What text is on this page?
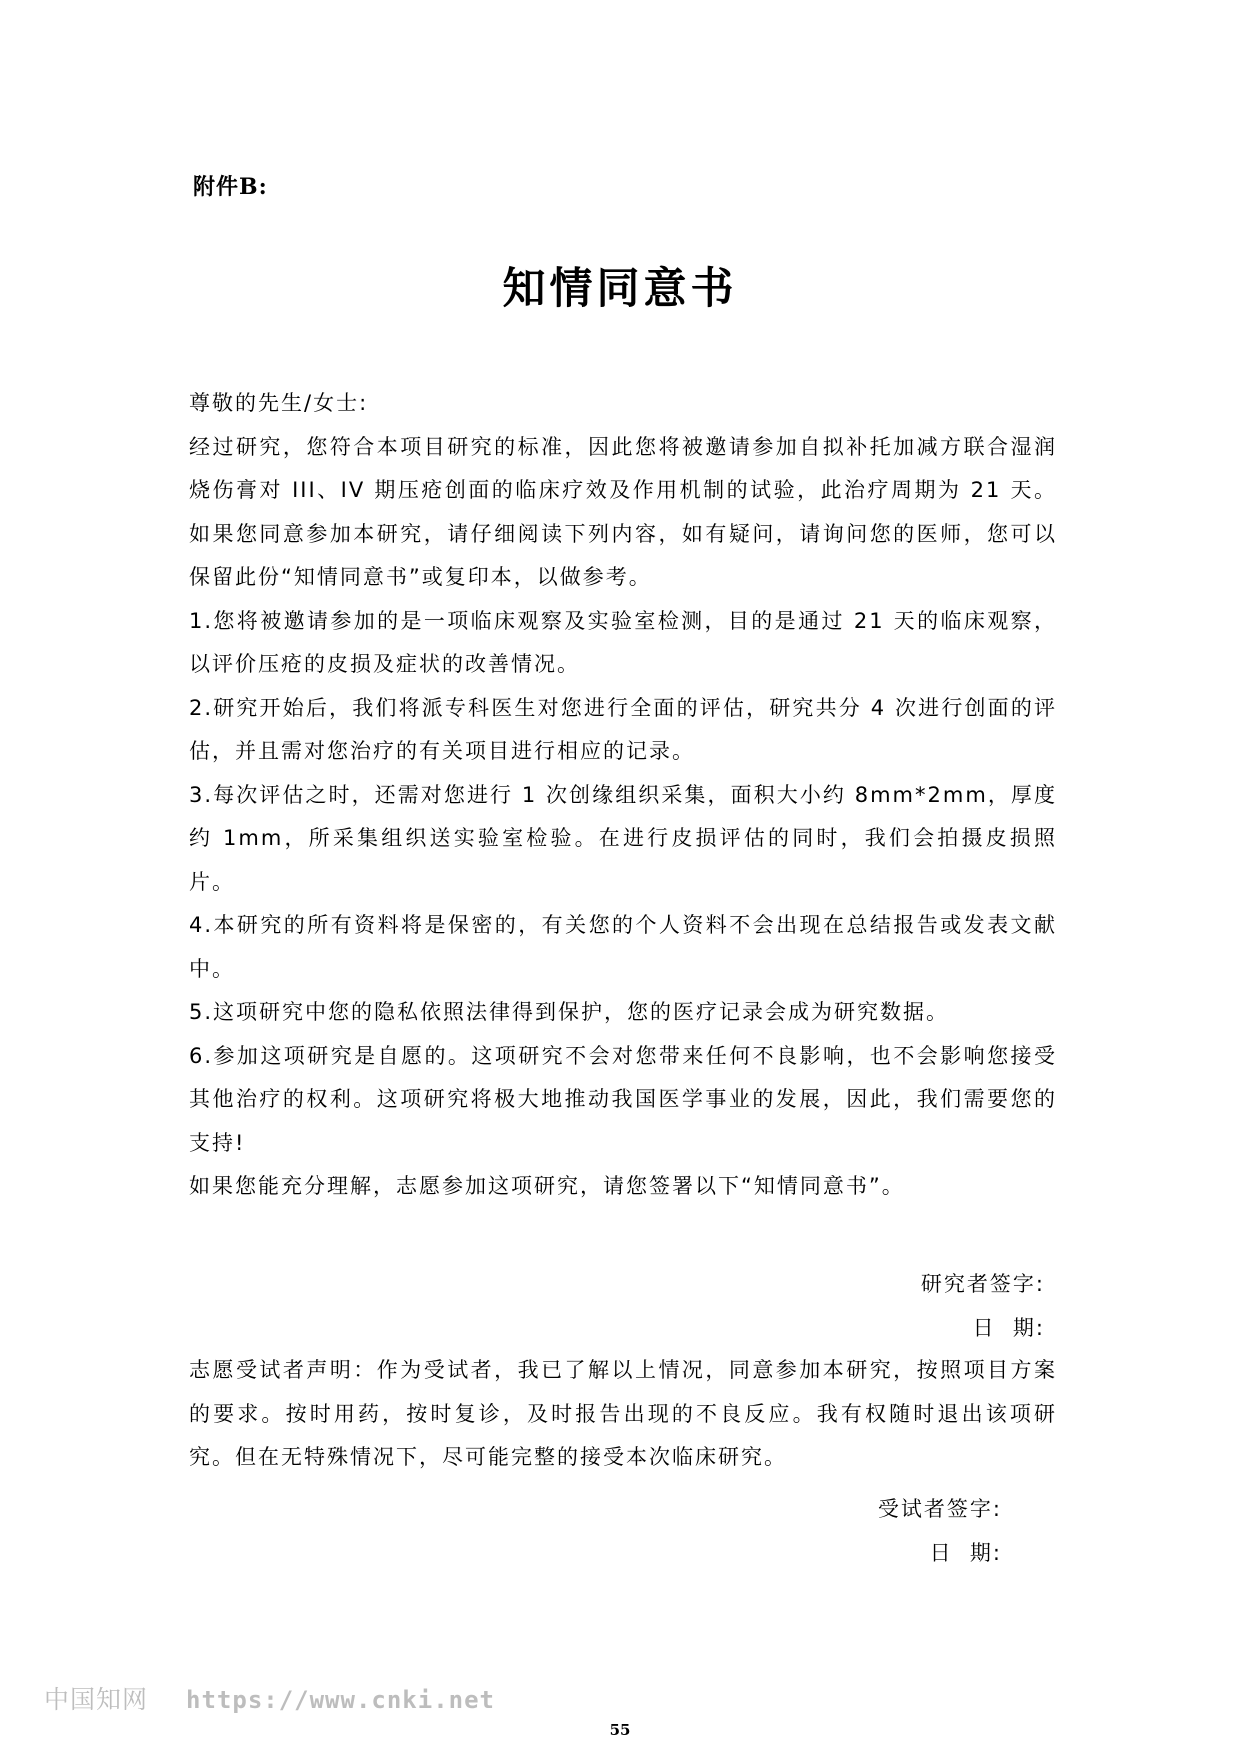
附件B:
知情同意书

尊敬的先生/女士:

经过研究，您符合本项目研究的标准，因此您将被邀请参加自拟补托加减方联合湿润烧伤膏对 III、IV 期压疮创面的临床疗效及作用机制的试验，此治疗周期为 21 天。如果您同意参加本研究，请仔细阅读下列内容，如有疑问，请询问您的医师，您可以保留此份“知情同意书”或复印本，以做参考。

1.您将被邀请参加的是一项临床观察及实验室检测，目的是通过 21 天的临床观察，以评价压疮的皮损及症状的改善情况。

2.研究开始后，我们将派专科医生对您进行全面的评估，研究共分 4 次进行创面的评估，并且需对您治疗的有关项目进行相应的记录。

3.每次评估之时，还需对您进行 1 次创缘组织采集，面积大小约 8mm*2mm，厚度约 1mm，所采集组织送实验室检验。在进行皮损评估的同时，我们会拍摄皮损照片。

4.本研究的所有资料将是保密的，有关您的个人资料不会出现在总结报告或发表文献中。

5.这项研究中您的隐私依照法律得到保护，您的医疗记录会成为研究数据。

6.参加这项研究是自愿的。这项研究不会对您带来任何不良影响，也不会影响您接受其他治疗的权利。这项研究将极大地推动我国医学事业的发展，因此，我们需要您的支持!

如果您能充分理解，志愿参加这项研究，请您签署以下“知情同意书”。

研究者签字:
日  期:

志愿受试者声明：作为受试者，我已了解以上情况，同意参加本研究，按照项目方案的要求。按时用药，按时复诊，及时报告出现的不良反应。我有权随时退出该项研究。但在无特殊情况下，尽可能完整的接受本次临床研究。

受试者签字:
日  期:
中国知网 https://www.cnki.net
55
